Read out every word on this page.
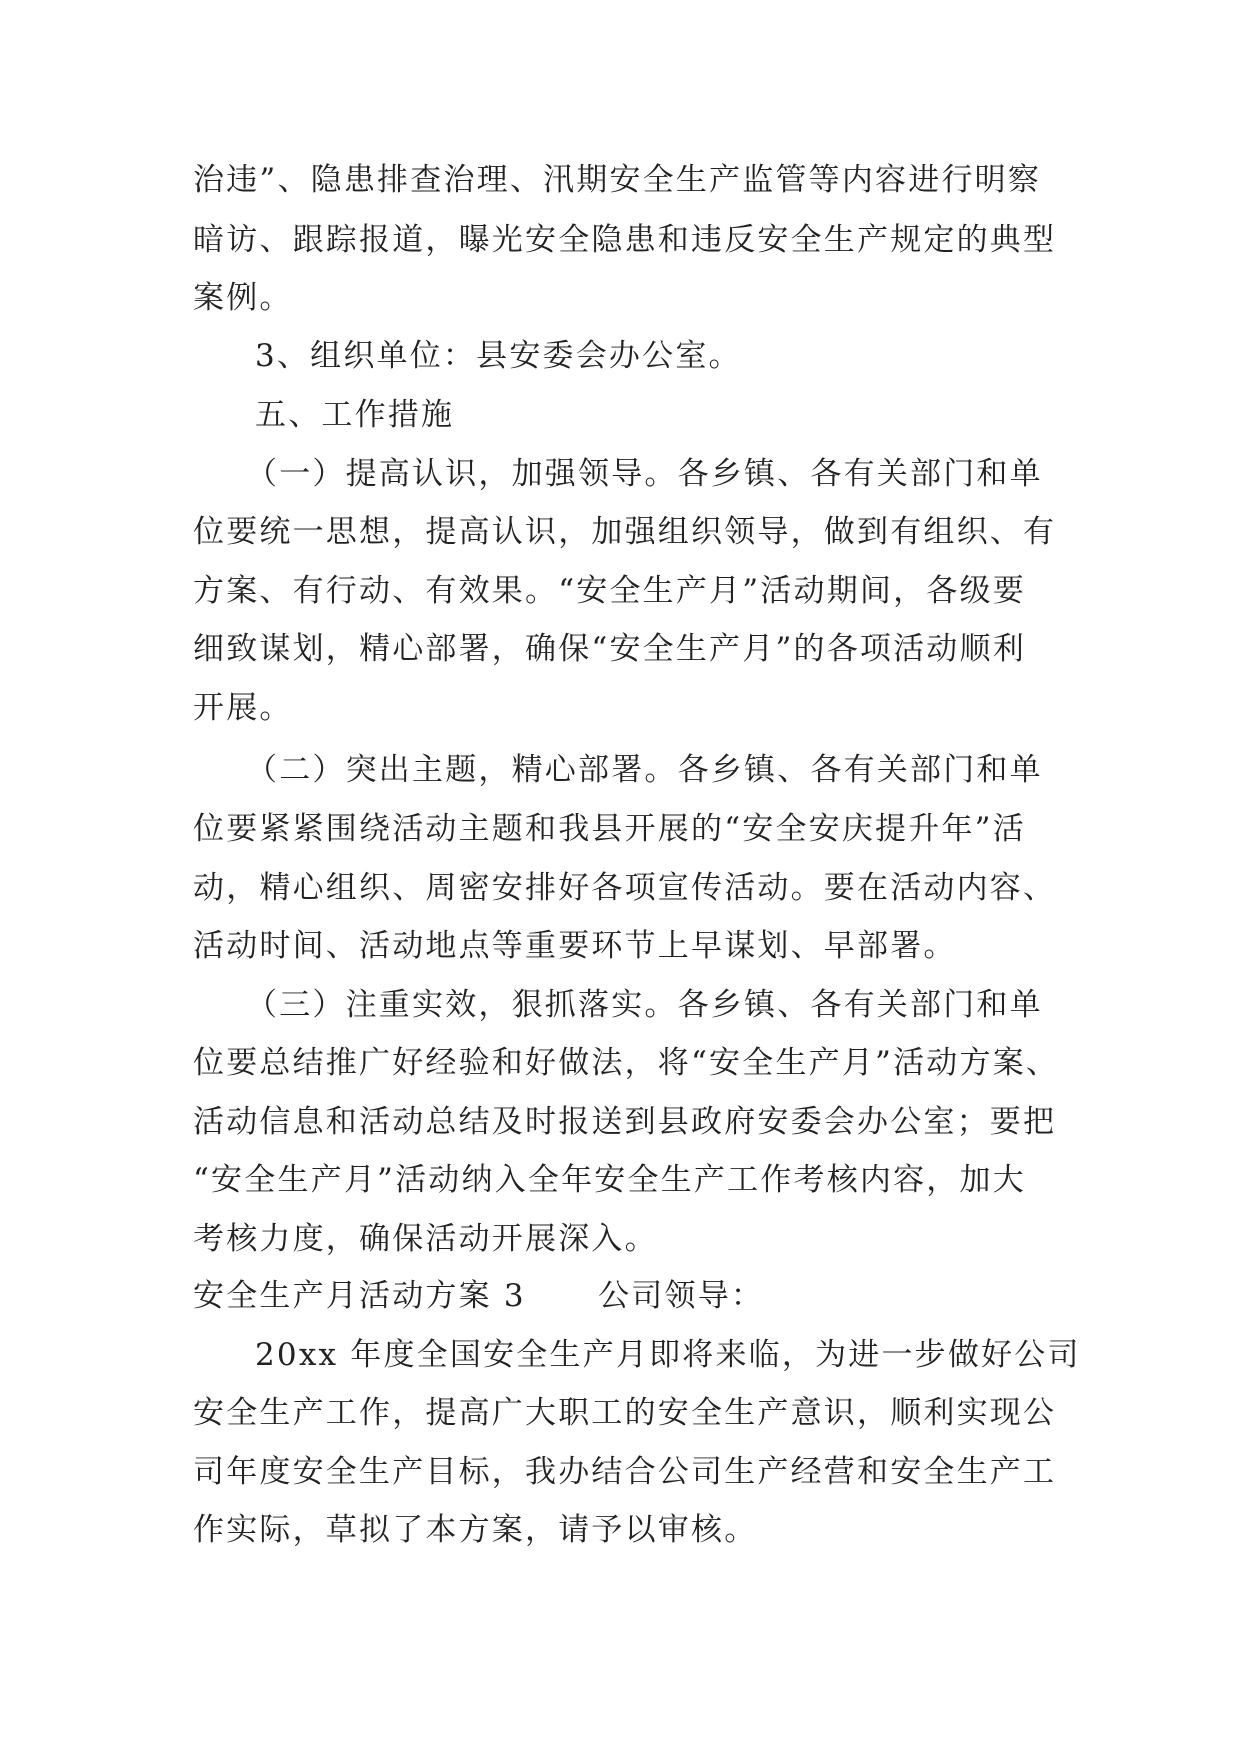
治违”、隐患排查治理、汛期安全生产监管等内容进行明察
暗访、跟踪报道，曝光安全隐患和违反安全生产规定的典型
案例。
3、组织单位：县安委会办公室。
五、工作措施
（一）提高认识，加强领导。各乡镇、各有关部门和单
位要统一思想，提高认识，加强组织领导，做到有组织、有
方案、有行动、有效果。“安全生产月”活动期间，各级要
细致谋划，精心部署，确保“安全生产月”的各项活动顺利
开展。
（二）突出主题，精心部署。各乡镇、各有关部门和单
位要紧紧围绕活动主题和我县开展的“安全安庆提升年”活
动，精心组织、周密安排好各项宣传活动。要在活动内容、
活动时间、活动地点等重要环节上早谋划、早部署。
（三）注重实效，狠抓落实。各乡镇、各有关部门和单
位要总结推广好经验和好做法，将“安全生产月”活动方案、
活动信息和活动总结及时报送到县政府安委会办公室；要把
“安全生产月”活动纳入全年安全生产工作考核内容，加大
考核力度，确保活动开展深入。
安全生产月活动方案 3      公司领导：
20xx 年度全国安全生产月即将来临，为进一步做好公司
安全生产工作，提高广大职工的安全生产意识，顺利实现公
司年度安全生产目标，我办结合公司生产经营和安全生产工
作实际，草拟了本方案，请予以审核。
